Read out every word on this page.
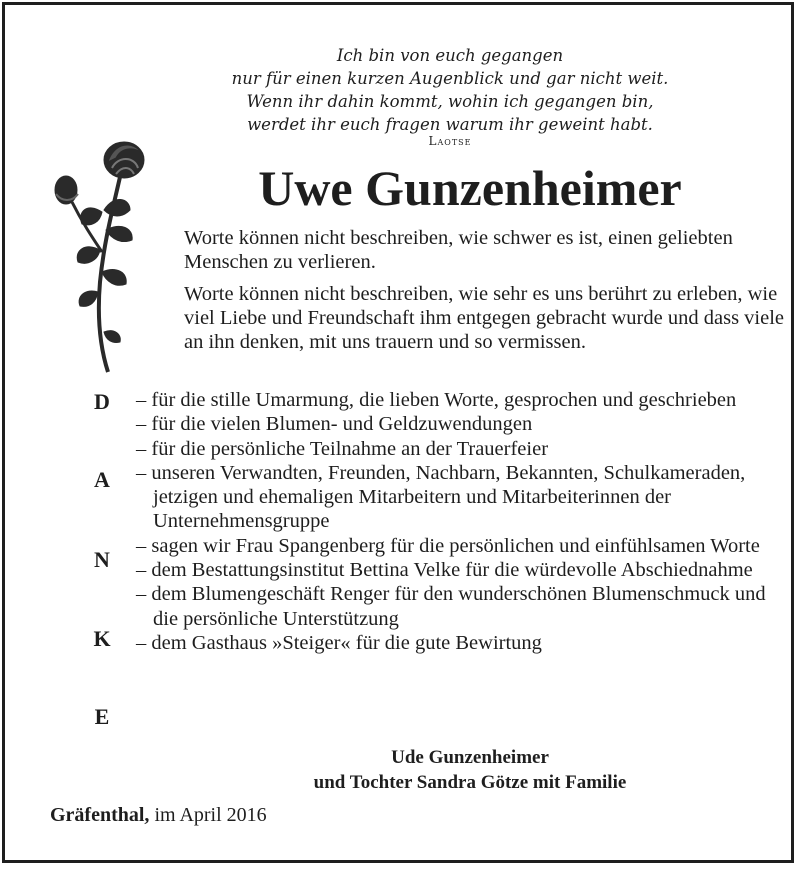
Ich bin von euch gegangen
nur für einen kurzen Augenblick und gar nicht weit.
Wenn ihr dahin kommt, wohin ich gegangen bin,
werdet ihr euch fragen warum ihr geweint habt.
Laotse
Uwe Gunzenheimer

Worte können nicht beschreiben, wie schwer es ist, einen geliebten Menschen zu verlieren.

Worte können nicht beschreiben, wie sehr es uns berührt zu erleben, wie viel Liebe und Freundschaft ihm entgegen gebracht wurde und dass viele an ihn denken, mit uns trauern und so vermissen.

D
A
N
K
E
– für die stille Umarmung, die lieben Worte, gesprochen und geschrieben
– für die vielen Blumen- und Geldzuwendungen
– für die persönliche Teilnahme an der Trauerfeier
– unseren Verwandten, Freunden, Nachbarn, Bekannten, Schulkameraden, jetzigen und ehemaligen Mitarbeitern und Mitarbeiterinnen der Unternehmensgruppe
– sagen wir Frau Spangenberg für die persönlichen und einfühlsamen Worte
– dem Bestattungsinstitut Bettina Velke für die würdevolle Abschiednahme
– dem Blumengeschäft Renger für den wunderschönen Blumenschmuck und die persönliche Unterstützung
– dem Gasthaus »Steiger« für die gute Bewirtung
Ude Gunzenheimer
und Tochter Sandra Götze mit Familie
Gräfenthal, im April 2016
